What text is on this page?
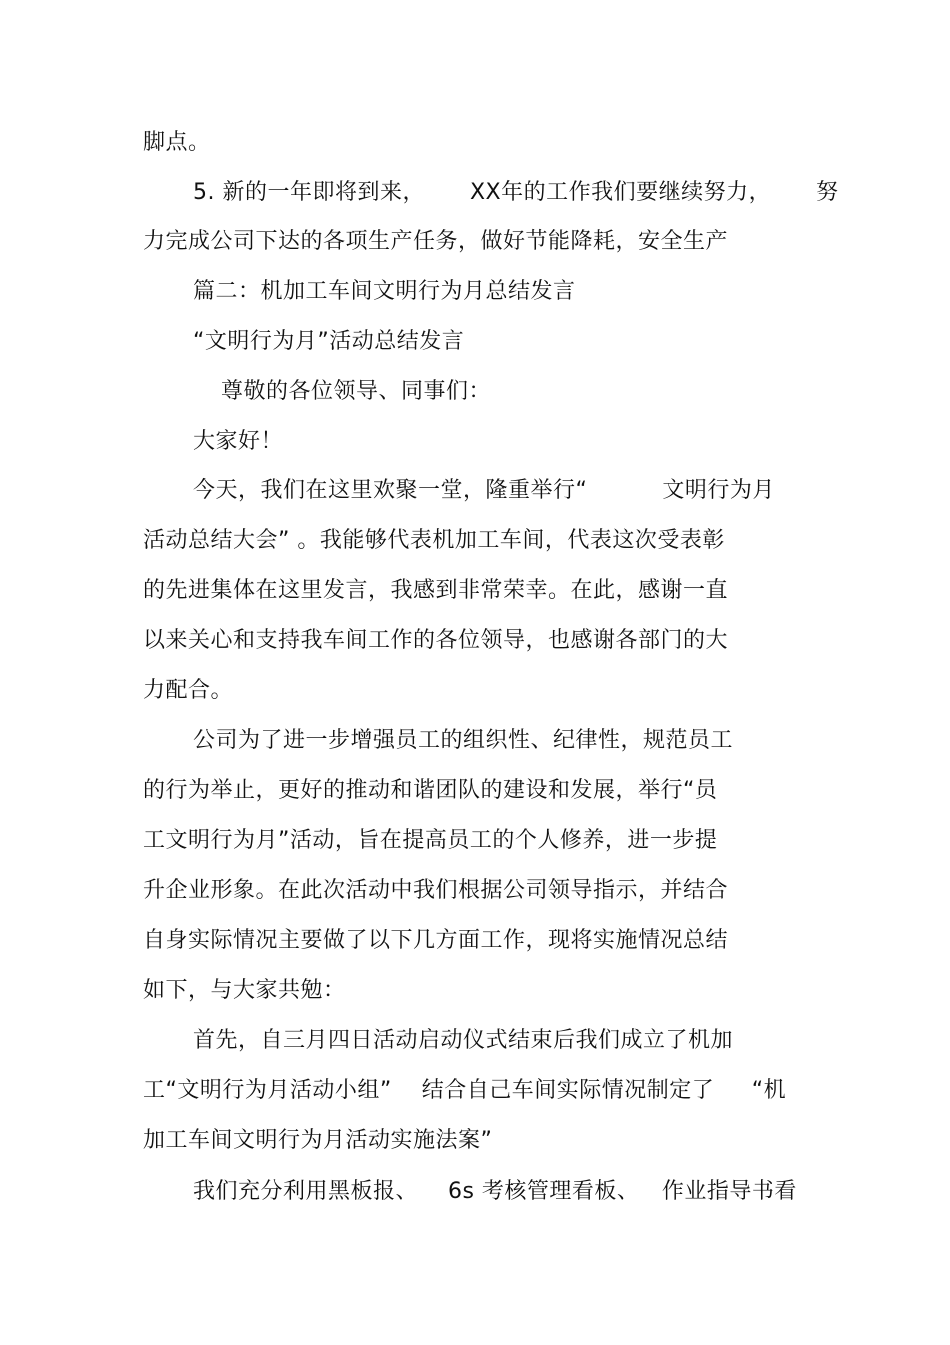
脚点。
5. 新的一年即将到来，      XX年的工作我们要继续努力，      努
力完成公司下达的各项生产任务，做好节能降耗，安全生产
篇二：机加工车间文明行为月总结发言
“文明行为月”活动总结发言
尊敬的各位领导、同事们：
大家好！
今天，我们在这里欢聚一堂，隆重举行“          文明行为月
活动总结大会” 。我能够代表机加工车间，代表这次受表彰
的先进集体在这里发言，我感到非常荣幸。在此，感谢一直
以来关心和支持我车间工作的各位领导，也感谢各部门的大
力配合。
公司为了进一步增强员工的组织性、纪律性，规范员工
的行为举止，更好的推动和谐团队的建设和发展，举行“员
工文明行为月”活动，旨在提高员工的个人修养，进一步提
升企业形象。在此次活动中我们根据公司领导指示，并结合
自身实际情况主要做了以下几方面工作，现将实施情况总结
如下，与大家共勉：
首先，自三月四日活动启动仪式结束后我们成立了机加
工“文明行为月活动小组”    结合自己车间实际情况制定了     “机
加工车间文明行为月活动实施法案”
我们充分利用黑板报、    6s 考核管理看板、   作业指导书看
